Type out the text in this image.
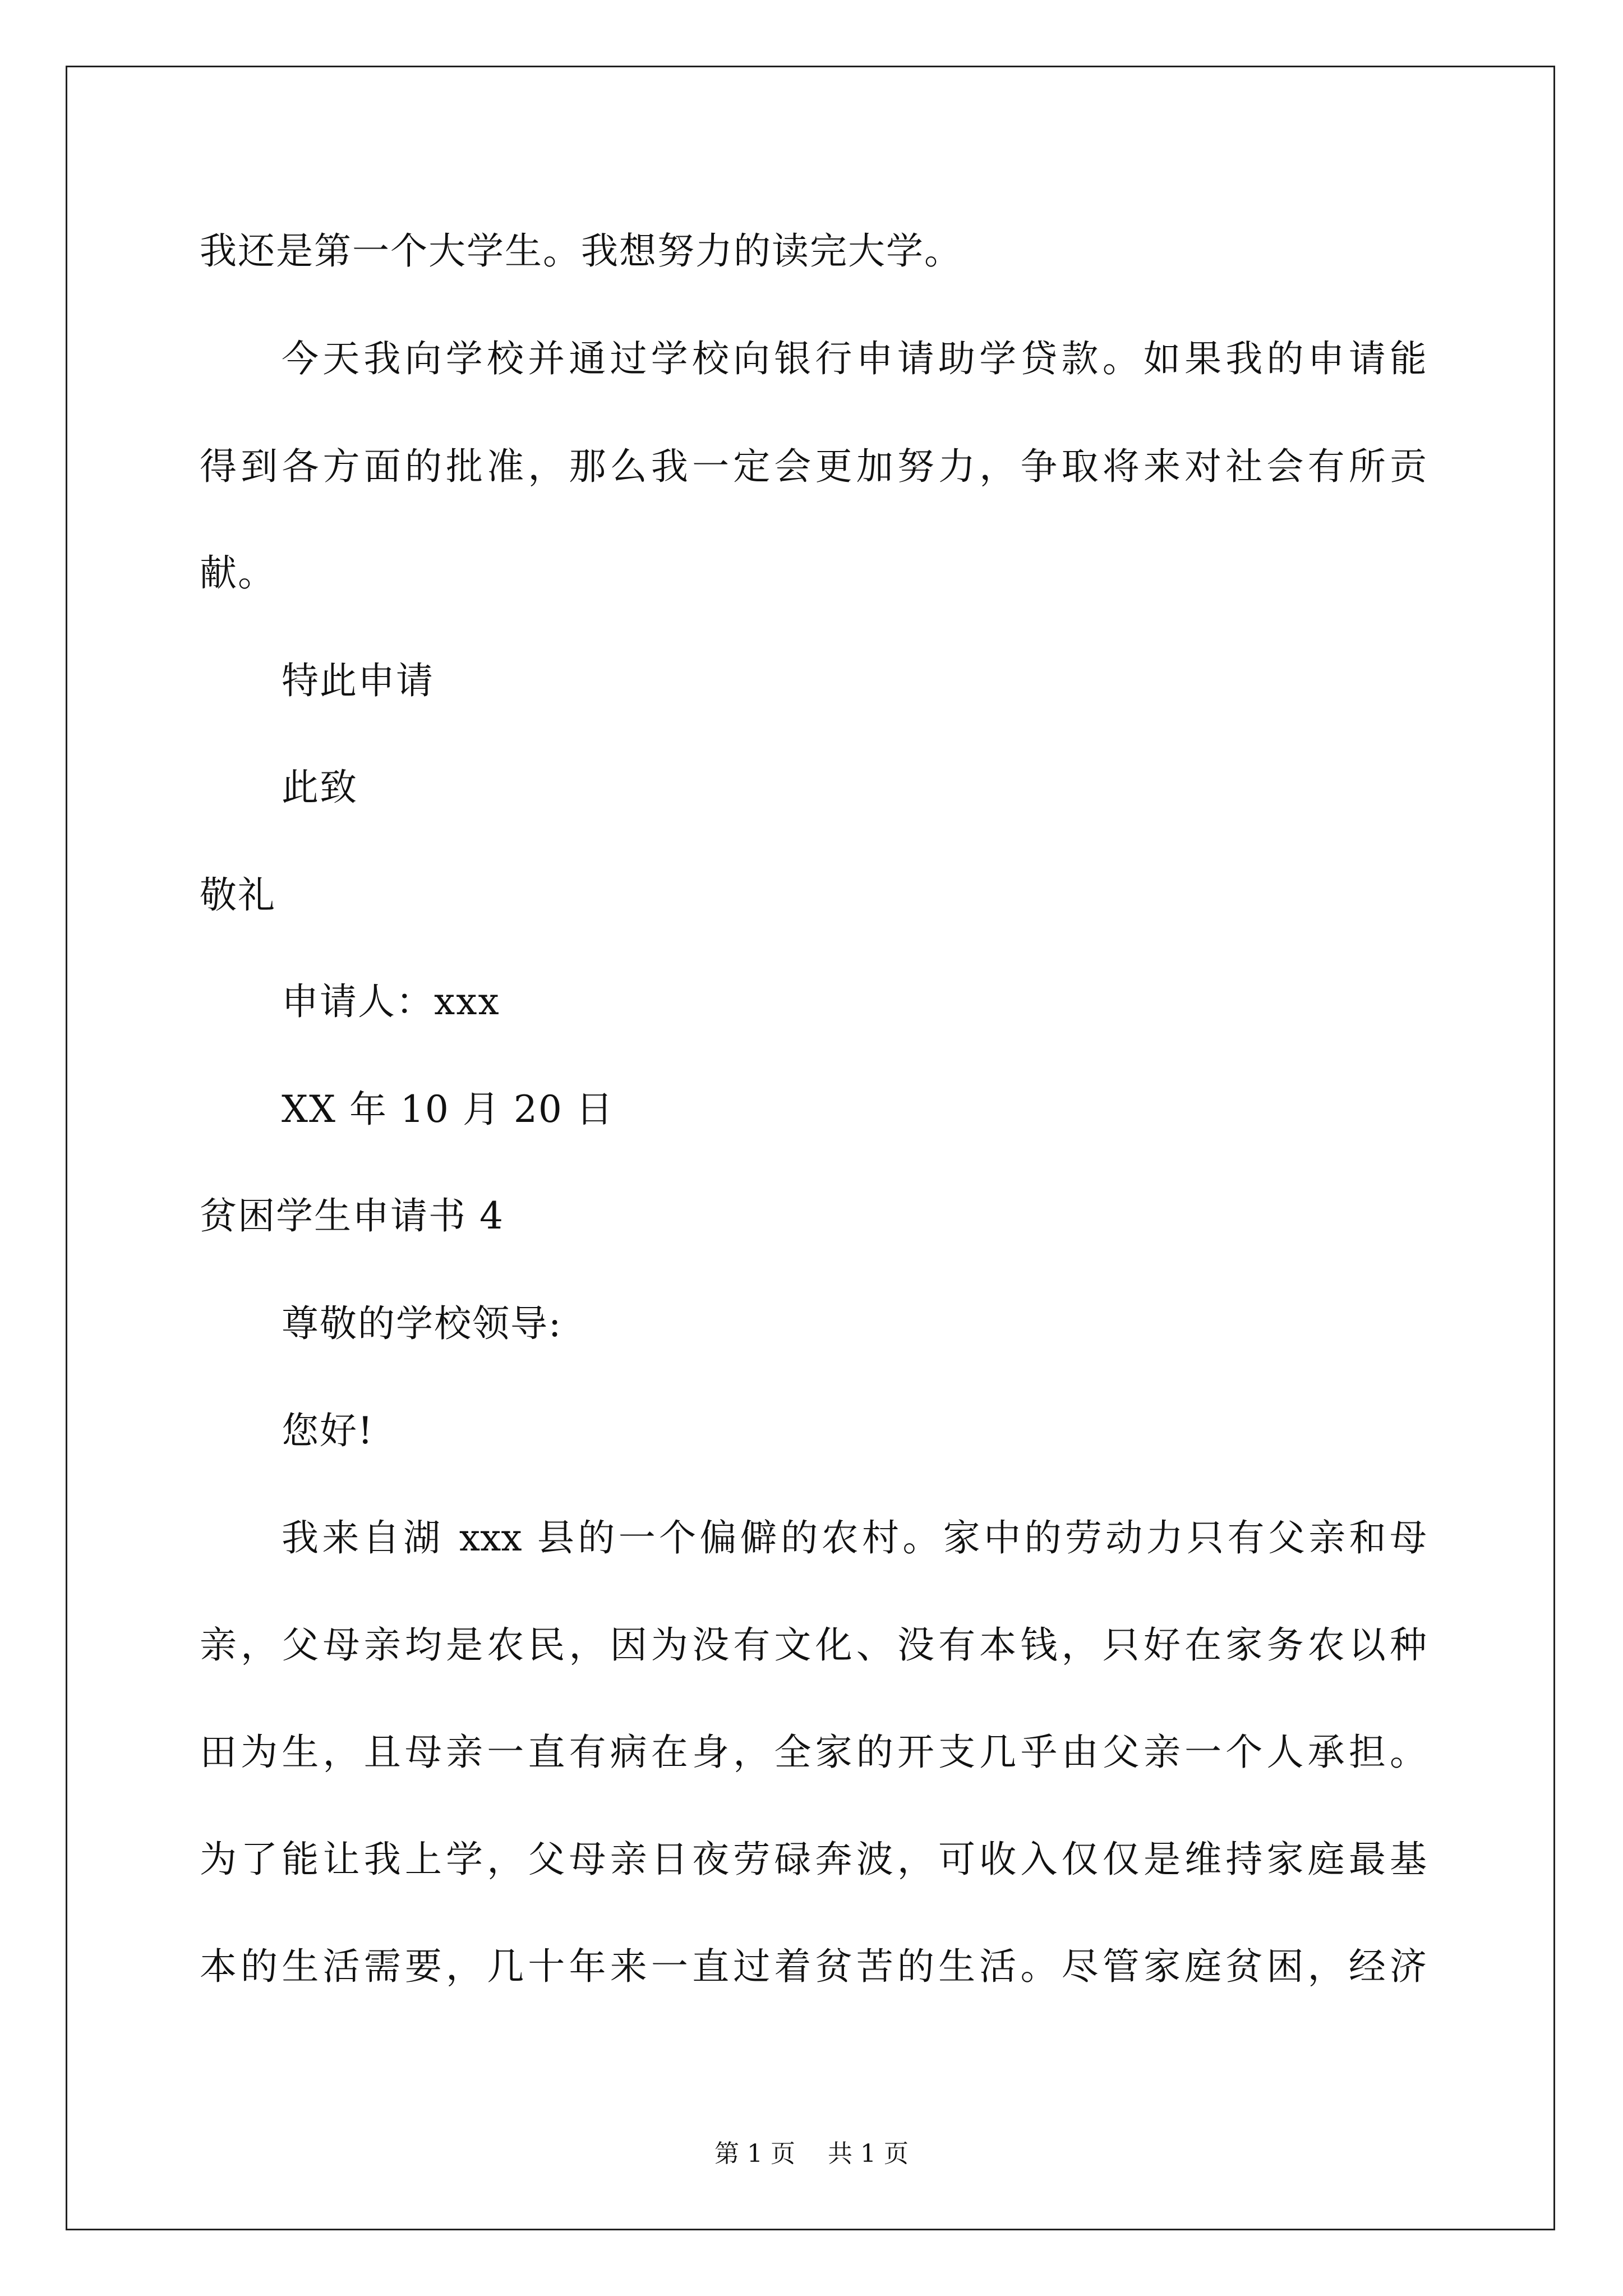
我还是第一个大学生。我想努力的读完大学。
今天我向学校并通过学校向银行申请助学贷款。如果我的申请能
得到各方面的批准，那么我一定会更加努力，争取将来对社会有所贡
献。
特此申请
此致
敬礼
申请人：xxx
XX 年 10 月 20 日
贫困学生申请书 4
尊敬的学校领导:
您好!
我来自湖 xxx 县的一个偏僻的农村。家中的劳动力只有父亲和母
亲，父母亲均是农民，因为没有文化、没有本钱，只好在家务农以种
田为生，且母亲一直有病在身，全家的开支几乎由父亲一个人承担。
为了能让我上学，父母亲日夜劳碌奔波，可收入仅仅是维持家庭最基
本的生活需要，几十年来一直过着贫苦的生活。尽管家庭贫困，经济
第 1 页　 共 1 页
